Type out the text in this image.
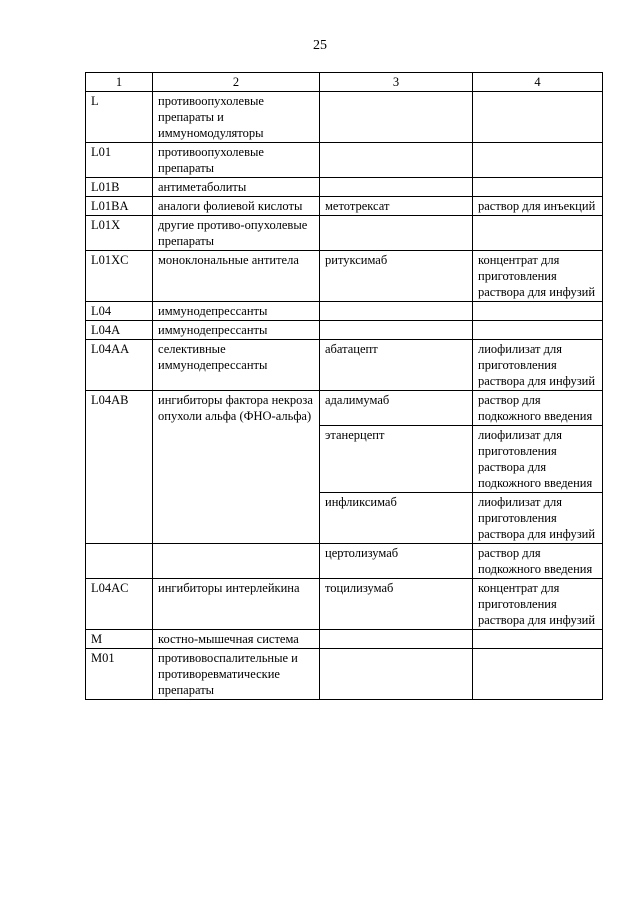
25
1	2	3	4
L	противоопухолевые препараты и иммуномодуляторы		
L01	противоопухолевые препараты		
L01B	антиметаболиты		
L01BA	аналоги фолиевой кислоты	метотрексат	раствор для инъекций
L01X	другие противо-опухолевые препараты		
L01XC	моноклональные антитела	ритуксимаб	концентрат для приготовления раствора для инфузий
L04	иммунодепрессанты		
L04A	иммунодепрессанты		
L04AA	селективные иммунодепрессанты	абатацепт	лиофилизат для приготовления раствора для инфузий
L04AB	ингибиторы фактора некроза опухоли альфа (ФНО-альфа)	адалимумаб	раствор для подкожного введения
		этанерцепт	лиофилизат для приготовления раствора для подкожного введения
		инфликсимаб	лиофилизат для приготовления раствора для инфузий
		цертолизумаб	раствор для подкожного введения
L04AC	ингибиторы интерлейкина	тоцилизумаб	концентрат для приготовления раствора для инфузий
M	костно-мышечная система		
M01	противовоспалительные и противоревматические препараты		
